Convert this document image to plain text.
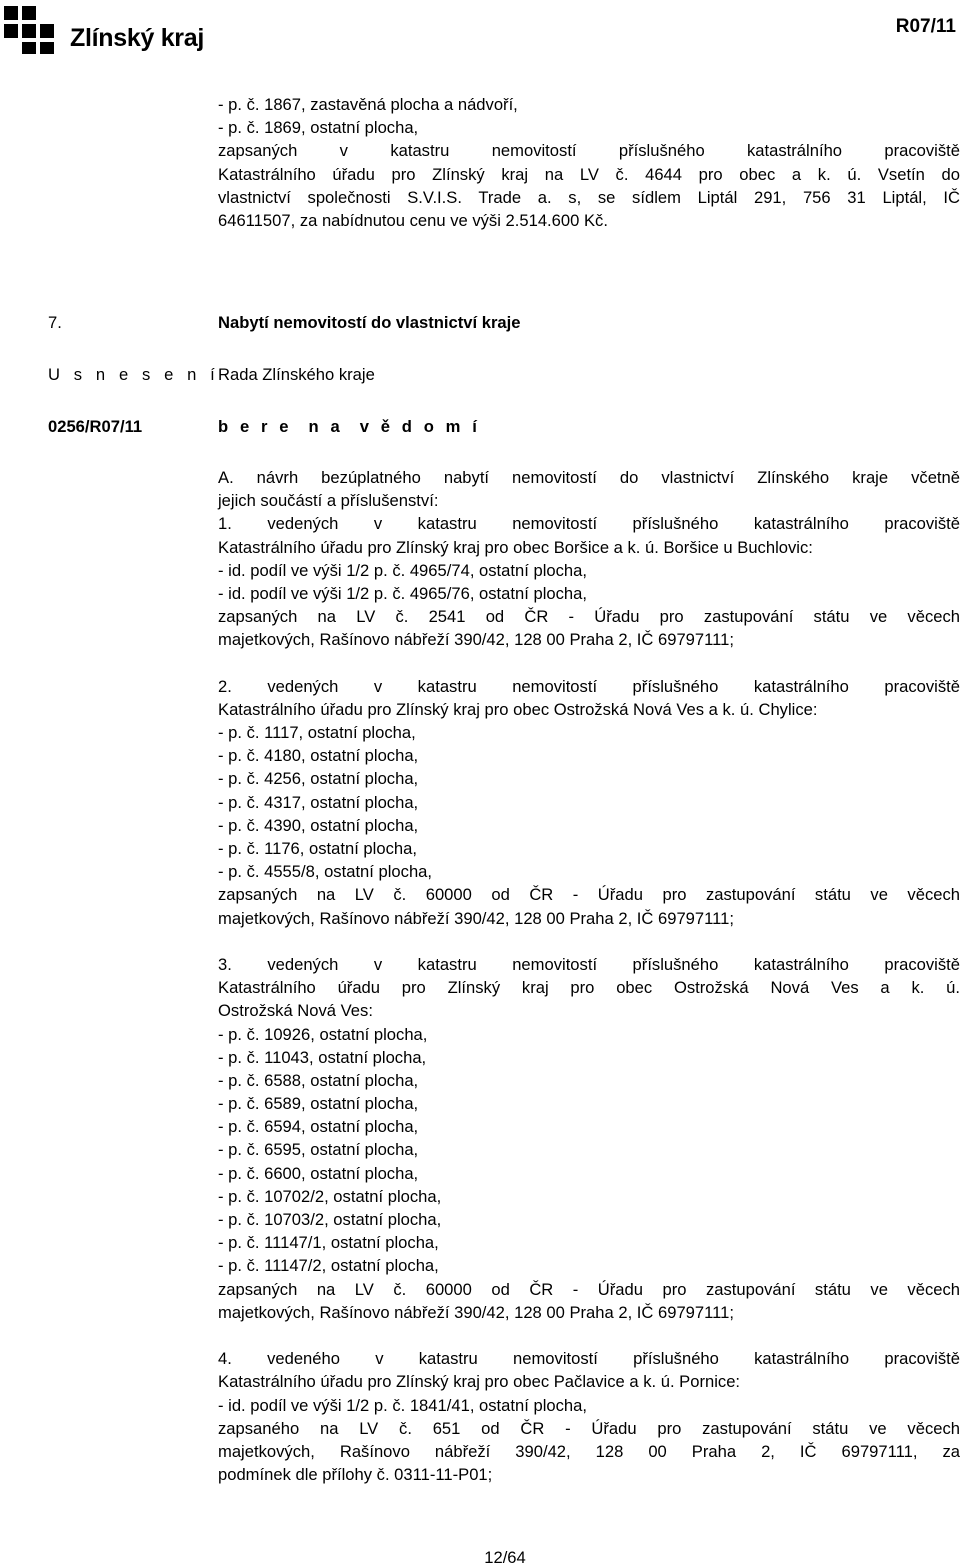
Zlínský kraj	R07/11
- p. č. 1867, zastavěná plocha a nádvoří,
- p. č. 1869, ostatní plocha,
zapsaných v katastru nemovitostí příslušného katastrálního pracoviště
Katastrálního úřadu pro Zlínský kraj na LV č. 4644 pro obec a k. ú. Vsetín do
vlastnictví společnosti S.V.I.S. Trade a. s, se sídlem Liptál 291, 756 31 Liptál, IČ
64611507, za nabídnutou cenu ve výši 2.514.600 Kč.
7.	Nabytí nemovitostí do vlastnictví kraje
U s n e s e n í
Rada Zlínského kraje
0256/R07/11	b e r e  n a  v ě d o m í
A. návrh bezúplatného nabytí nemovitostí do vlastnictví Zlínského kraje včetně
jejich součástí a příslušenství:
1. vedených v katastru nemovitostí příslušného katastrálního pracoviště
Katastrálního úřadu pro Zlínský kraj pro obec Boršice a k. ú. Boršice u Buchlovic:
- id. podíl ve výši 1/2 p. č. 4965/74, ostatní plocha,
- id. podíl ve výši 1/2 p. č. 4965/76, ostatní plocha,
zapsaných na LV č. 2541 od ČR - Úřadu pro zastupování státu ve věcech
majetkových, Rašínovo nábřeží 390/42, 128 00 Praha 2, IČ 69797111;
2. vedených v katastru nemovitostí příslušného katastrálního pracoviště
Katastrálního úřadu pro Zlínský kraj pro obec Ostrožská Nová Ves a k. ú. Chylice:
- p. č. 1117, ostatní plocha,
- p. č. 4180, ostatní plocha,
- p. č. 4256, ostatní plocha,
- p. č. 4317, ostatní plocha,
- p. č. 4390, ostatní plocha,
- p. č. 1176, ostatní plocha,
- p. č. 4555/8, ostatní plocha,
zapsaných na LV č. 60000 od ČR - Úřadu pro zastupování státu ve věcech
majetkových, Rašínovo nábřeží 390/42, 128 00 Praha 2, IČ 69797111;
3. vedených v katastru nemovitostí příslušného katastrálního pracoviště
Katastrálního úřadu pro Zlínský kraj pro obec Ostrožská Nová Ves a k. ú.
Ostrožská Nová Ves:
- p. č. 10926, ostatní plocha,
- p. č. 11043, ostatní plocha,
- p. č. 6588, ostatní plocha,
- p. č. 6589, ostatní plocha,
- p. č. 6594, ostatní plocha,
- p. č. 6595, ostatní plocha,
- p. č. 6600, ostatní plocha,
- p. č. 10702/2, ostatní plocha,
- p. č. 10703/2, ostatní plocha,
- p. č. 11147/1, ostatní plocha,
- p. č. 11147/2, ostatní plocha,
zapsaných na LV č. 60000 od ČR - Úřadu pro zastupování státu ve věcech
majetkových, Rašínovo nábřeží 390/42, 128 00 Praha 2, IČ 69797111;
4. vedeného v katastru nemovitostí příslušného katastrálního pracoviště
Katastrálního úřadu pro Zlínský kraj pro obec Pačlavice a k. ú. Pornice:
- id. podíl ve výši 1/2 p. č. 1841/41, ostatní plocha,
zapsaného na LV č. 651 od ČR - Úřadu pro zastupování státu ve věcech
majetkových, Rašínovo nábřeží 390/42, 128 00 Praha 2, IČ 69797111, za
podmínek dle přílohy č. 0311-11-P01;
12/64
